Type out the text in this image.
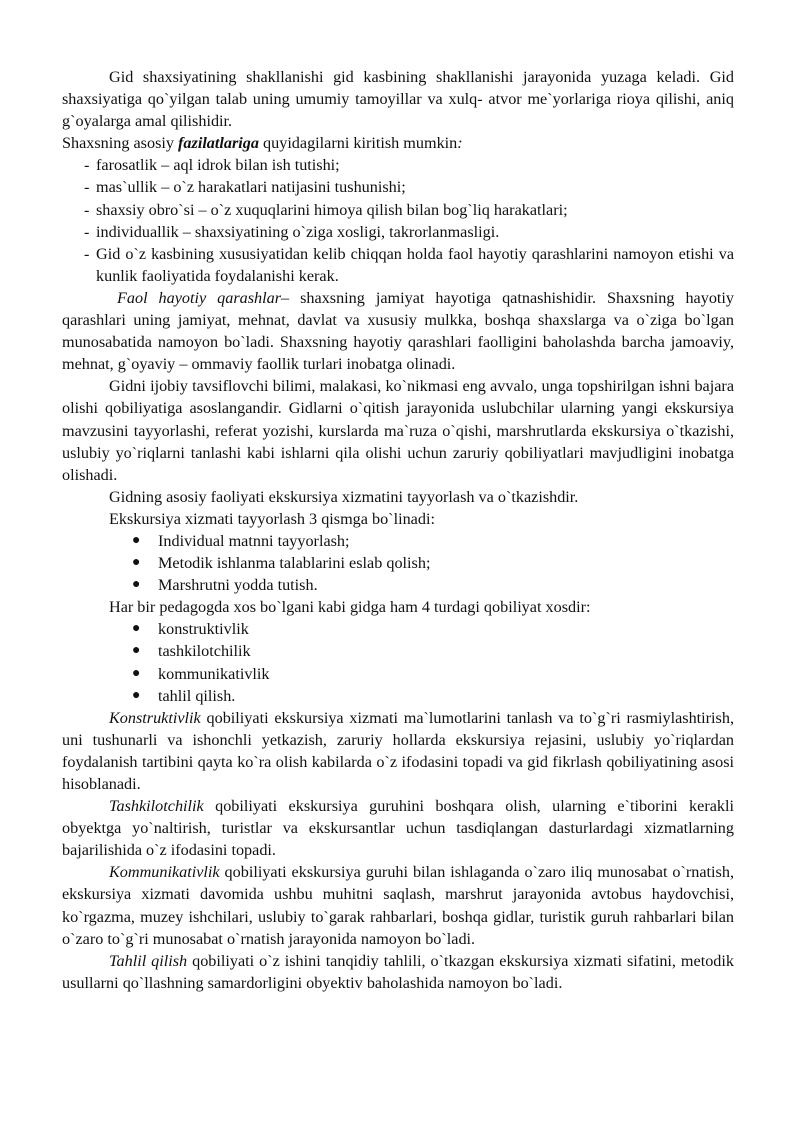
Gid shaxsiyatining shakllanishi gid kasbining shakllanishi jarayonida yuzaga keladi. Gid shaxsiyatiga qo`yilgan talab uning umumiy tamoyillar va xulq- atvor me`yorlariga rioya qilishi, aniq g`oyalarga amal qilishidir.

Shaxsning asosiy fazilatlariga quyidagilarni kiritish mumkin:

- farosatlik – aql idrok bilan ish tutishi;
- mas`ullik – o`z harakatlari natijasini tushunishi;
- shaxsiy obro`si – o`z xuquqlarini himoya qilish bilan bog`liq harakatlari;
- individuallik – shaxsiyatining o`ziga xosligi, takrorlanmasligi.
- Gid o`z kasbining xususiyatidan kelib chiqqan holda faol hayotiy qarashlarini namoyon etishi va kunlik faoliyatida foydalanishi kerak.

Faol hayotiy qarashlar– shaxsning jamiyat hayotiga qatnashishidir. Shaxsning hayotiy qarashlari uning jamiyat, mehnat, davlat va xususiy mulkka, boshqa shaxslarga va o`ziga bo`lgan munosabatida namoyon bo`ladi. Shaxsning hayotiy qarashlari faolligini baholashda barcha jamoaviy, mehnat, g`oyaviy – ommaviy faollik turlari inobatga olinadi.

Gidni ijobiy tavsiflovchi bilimi, malakasi, ko`nikmasi eng avvalo, unga topshirilgan ishni bajara olishi qobiliyatiga asoslangandir. Gidlarni o`qitish jarayonida uslubchilar ularning yangi ekskursiya mavzusini tayyorlashi, referat yozishi, kurslarda ma`ruza o`qishi, marshrutlarda ekskursiya o`tkazishi, uslubiy yo`riqlarni tanlashi kabi ishlarni qila olishi uchun zaruriy qobiliyatlari mavjudligini inobatga olishadi.

Gidning asosiy faoliyati ekskursiya xizmatini tayyorlash va o`tkazishdir.

Ekskursiya xizmati tayyorlash 3 qismga bo`linadi:

● Individual matnni tayyorlash;
● Metodik ishlanma talablarini eslab qolish;
● Marshrutni yodda tutish.

Har bir pedagogda xos bo`lgani kabi gidga ham 4 turdagi qobiliyat xosdir:

● konstruktivlik
● tashkilotchilik
● kommunikativlik
● tahlil qilish.

Konstruktivlik qobiliyati ekskursiya xizmati ma`lumotlarini tanlash va to`g`ri rasmiylashtirish, uni tushunarli va ishonchli yetkazish, zaruriy hollarda ekskursiya rejasini, uslubiy yo`riqlardan foydalanish tartibini qayta ko`ra olish kabilarda o`z ifodasini topadi va gid fikrlash qobiliyatining asosi hisoblanadi.

Tashkilotchilik qobiliyati ekskursiya guruhini boshqara olish, ularning e`tiborini kerakli obyektga yo`naltirish, turistlar va ekskursantlar uchun tasdiqlangan dasturlardagi xizmatlarning bajarilishida o`z ifodasini topadi.

Kommunikativlik qobiliyati ekskursiya guruhi bilan ishlaganda o`zaro iliq munosabat o`rnatish, ekskursiya xizmati davomida ushbu muhitni saqlash, marshrut jarayonida avtobus haydovchisi, ko`rgazma, muzey ishchilari, uslubiy to`garak rahbarlari, boshqa gidlar, turistik guruh rahbarlari bilan o`zaro to`g`ri munosabat o`rnatish jarayonida namoyon bo`ladi.

Tahlil qilish qobiliyati o`z ishini tanqidiy tahlili, o`tkazgan ekskursiya xizmati sifatini, metodik usullarni qo`llashning samardorligini obyektiv baholashida namoyon bo`ladi.
